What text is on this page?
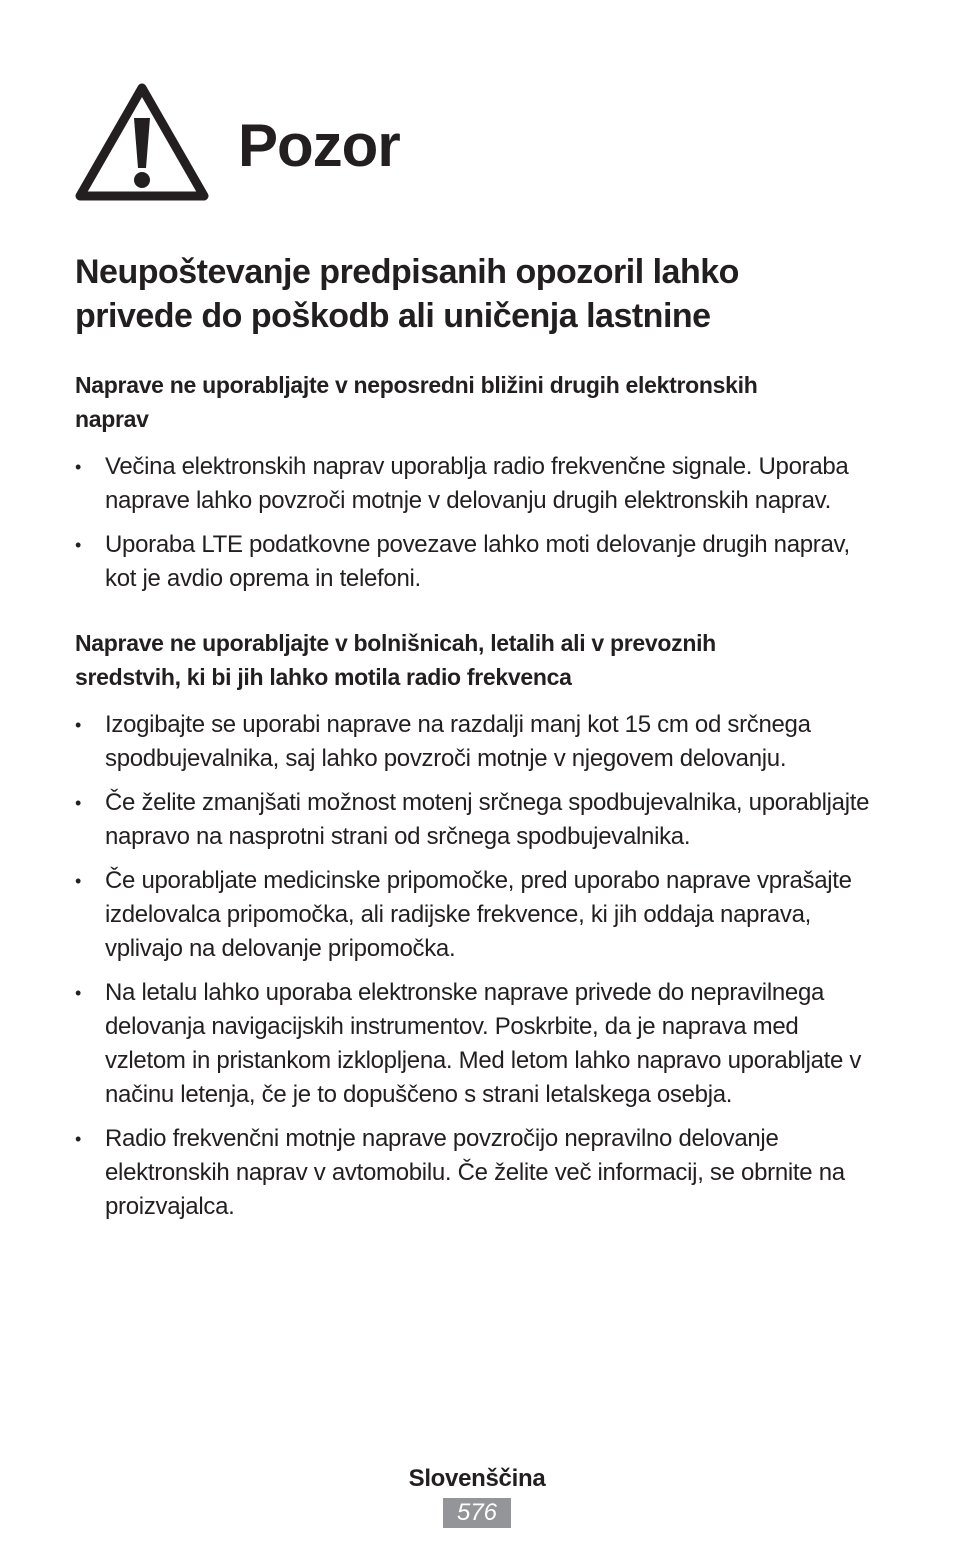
Pozor
Neupoštevanje predpisanih opozoril lahko
privede do poškodb ali uničenja lastnine
Naprave ne uporabljajte v neposredni bližini drugih elektronskih
naprav
• Večina elektronskih naprav uporablja radio frekvenčne signale. Uporaba naprave lahko povzroči motnje v delovanju drugih elektronskih naprav.
• Uporaba LTE podatkovne povezave lahko moti delovanje drugih naprav, kot je avdio oprema in telefoni.
Naprave ne uporabljajte v bolnišnicah, letalih ali v prevoznih
sredstvih, ki bi jih lahko motila radio frekvenca
• Izogibajte se uporabi naprave na razdalji manj kot 15 cm od srčnega spodbujevalnika, saj lahko povzroči motnje v njegovem delovanju.
• Če želite zmanjšati možnost motenj srčnega spodbujevalnika, uporabljajte napravo na nasprotni strani od srčnega spodbujevalnika.
• Če uporabljate medicinske pripomočke, pred uporabo naprave vprašajte izdelovalca pripomočka, ali radijske frekvence, ki jih oddaja naprava, vplivajo na delovanje pripomočka.
• Na letalu lahko uporaba elektronske naprave privede do nepravilnega delovanja navigacijskih instrumentov. Poskrbite, da je naprava med vzletom in pristankom izklopljena. Med letom lahko napravo uporabljate v načinu letenja, če je to dopuščeno s strani letalskega osebja.
• Radio frekvenčni motnje naprave povzročijo nepravilno delovanje elektronskih naprav v avtomobilu. Če želite več informacij, se obrnite na proizvajalca.
Slovenščina
576
